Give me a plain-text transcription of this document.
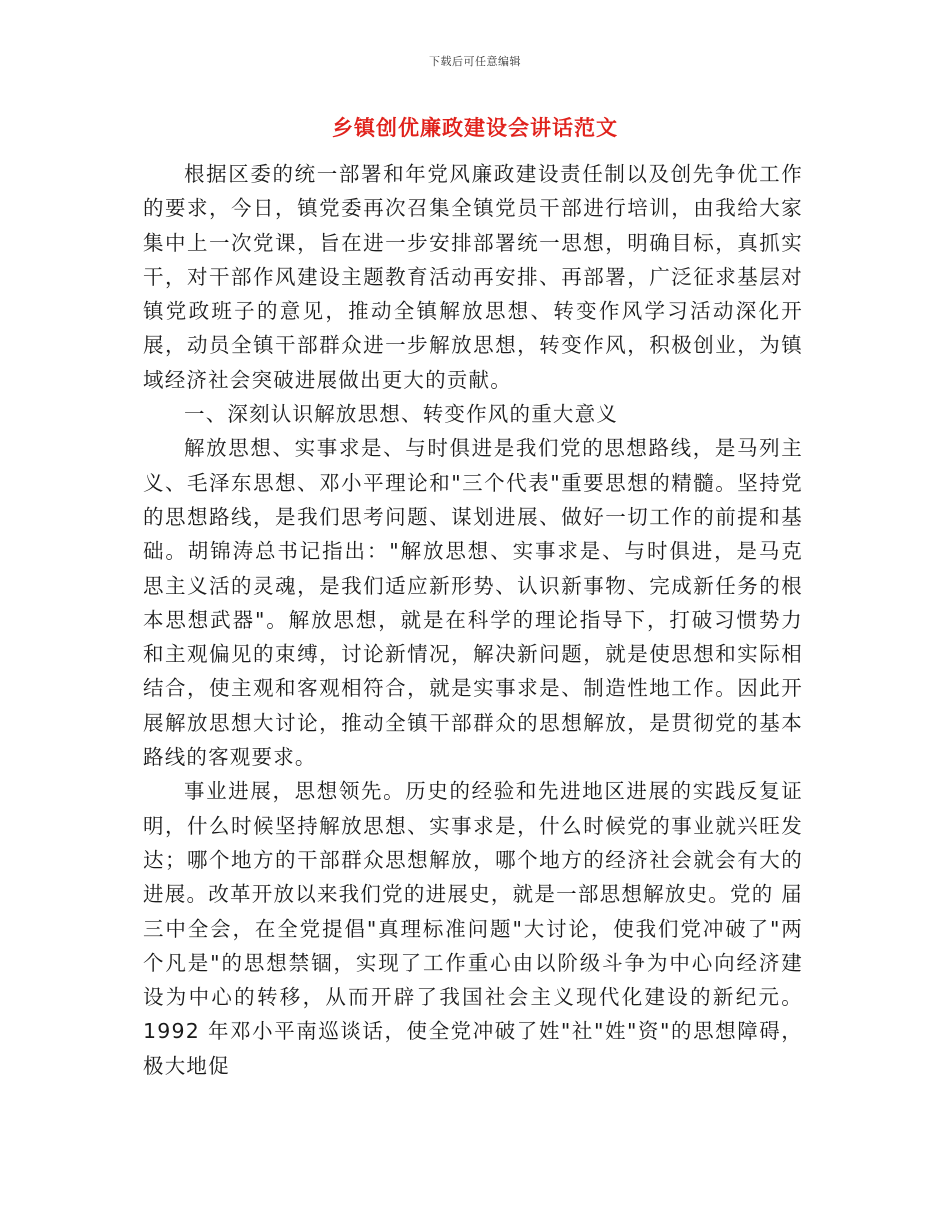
下载后可任意编辑
乡镇创优廉政建设会讲话范文

根据区委的统一部署和年党风廉政建设责任制以及创先争优工作的要求，今日，镇党委再次召集全镇党员干部进行培训，由我给大家集中上一次党课，旨在进一步安排部署统一思想，明确目标，真抓实干，对干部作风建设主题教育活动再安排、再部署，广泛征求基层对镇党政班子的意见，推动全镇解放思想、转变作风学习活动深化开展，动员全镇干部群众进一步解放思想，转变作风，积极创业，为镇域经济社会突破进展做出更大的贡献。

一、深刻认识解放思想、转变作风的重大意义

解放思想、实事求是、与时俱进是我们党的思想路线，是马列主义、毛泽东思想、邓小平理论和"三个代表"重要思想的精髓。坚持党的思想路线，是我们思考问题、谋划进展、做好一切工作的前提和基础。胡锦涛总书记指出："解放思想、实事求是、与时俱进，是马克思主义活的灵魂，是我们适应新形势、认识新事物、完成新任务的根本思想武器"。解放思想，就是在科学的理论指导下，打破习惯势力和主观偏见的束缚，讨论新情况，解决新问题，就是使思想和实际相结合，使主观和客观相符合，就是实事求是、制造性地工作。因此开展解放思想大讨论，推动全镇干部群众的思想解放，是贯彻党的基本路线的客观要求。

事业进展，思想领先。历史的经验和先进地区进展的实践反复证明，什么时候坚持解放思想、实事求是，什么时候党的事业就兴旺发达；哪个地方的干部群众思想解放，哪个地方的经济社会就会有大的进展。改革开放以来我们党的进展史，就是一部思想解放史。党的 届三中全会，在全党提倡"真理标准问题"大讨论，使我们党冲破了"两个凡是"的思想禁锢，实现了工作重心由以阶级斗争为中心向经济建设为中心的转移，从而开辟了我国社会主义现代化建设的新纪元。1992 年邓小平南巡谈话，使全党冲破了姓"社"姓"资"的思想障碍，极大地促
